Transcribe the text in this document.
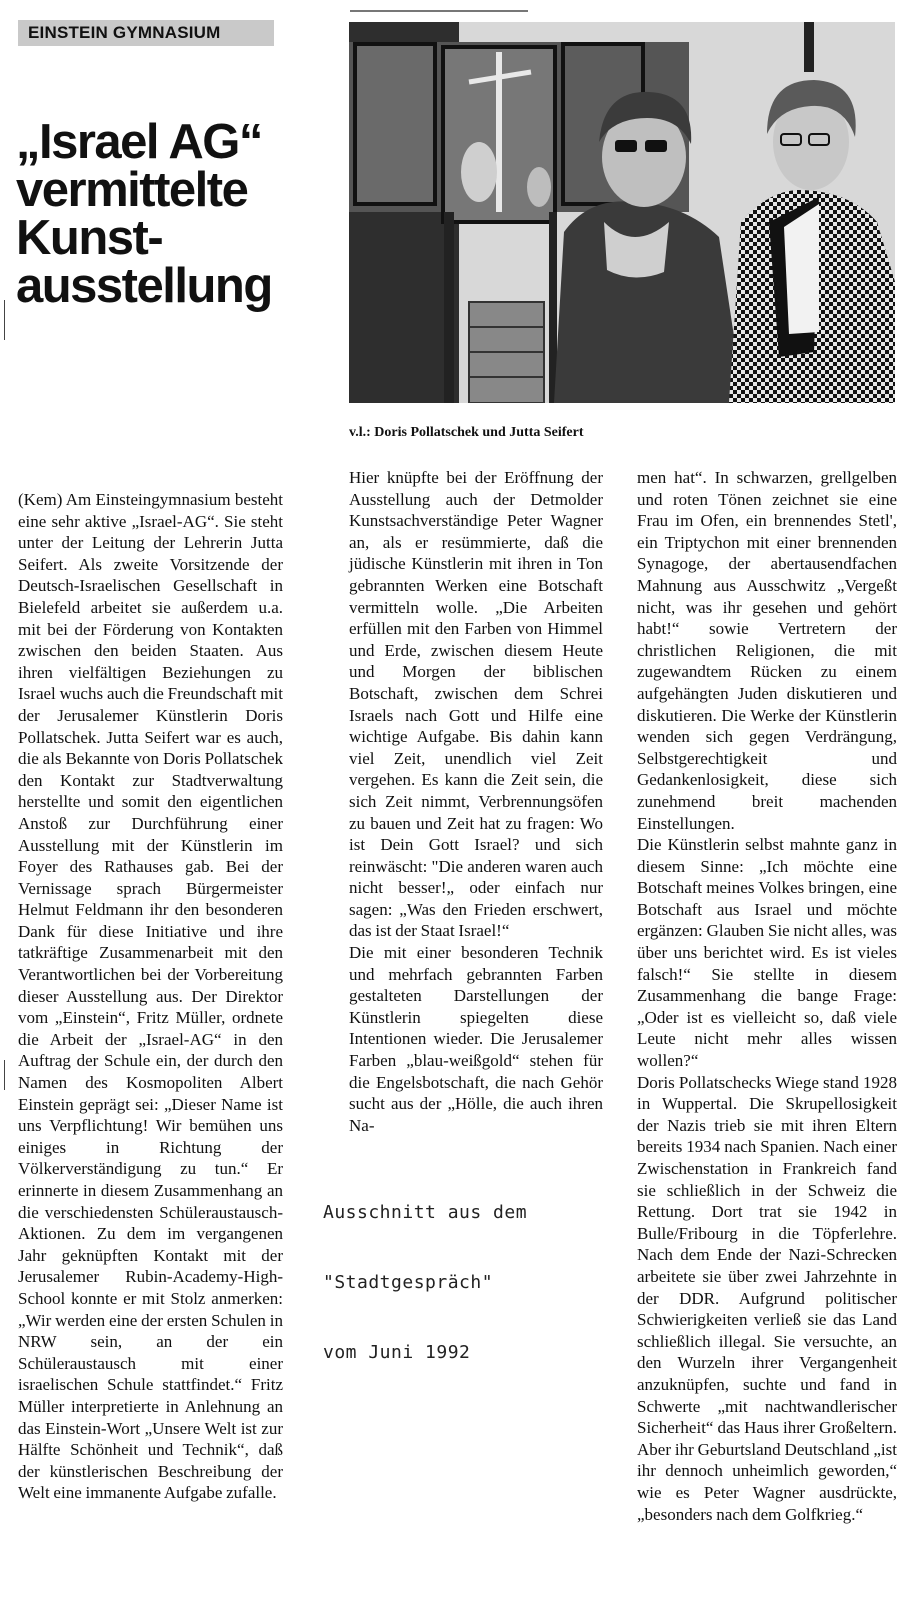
EINSTEIN GYMNASIUM
„Israel AG“
vermittelte
Kunst-
ausstellung
v.l.: Doris Pollatschek und Jutta Seifert
(Kem) Am Einsteingymnasium besteht eine sehr aktive „Israel-AG“. Sie steht unter der Leitung der Lehrerin Jutta Seifert. Als zweite Vorsitzende der Deutsch-Israelischen Gesellschaft in Bielefeld arbeitet sie außerdem u.a. mit bei der Förderung von Kontakten zwischen den beiden Staaten. Aus ihren vielfältigen Beziehungen zu Israel wuchs auch die Freundschaft mit der Jerusalemer Künstlerin Doris Pollatschek. Jutta Seifert war es auch, die als Bekannte von Doris Pollatschek den Kontakt zur Stadtverwaltung herstellte und somit den eigentlichen Anstoß zur Durchführung einer Ausstellung mit der Künstlerin im Foyer des Rathauses gab. Bei der Vernissage sprach Bürgermeister Helmut Feldmann ihr den besonderen Dank für diese Initiative und ihre tatkräftige Zusammenarbeit mit den Verantwortlichen bei der Vorbereitung dieser Ausstellung aus. Der Direktor vom „Einstein“, Fritz Müller, ordnete die Arbeit der „Israel-AG“ in den Auftrag der Schule ein, der durch den Namen des Kosmopoliten Albert Einstein geprägt sei: „Dieser Name ist uns Verpflichtung! Wir bemühen uns einiges in Richtung der Völkerverständigung zu tun.“ Er erinnerte in diesem Zusammenhang an die verschiedensten Schüleraustausch-Aktionen. Zu dem im vergangenen Jahr geknüpften Kontakt mit der Jerusalemer Rubin-Academy-High-School konnte er mit Stolz anmerken: „Wir werden eine der ersten Schulen in NRW sein, an der ein Schüleraustausch mit einer israelischen Schule stattfindet.“ Fritz Müller interpretierte in Anlehnung an das Einstein-Wort „Unsere Welt ist zur Hälfte Schönheit und Technik“, daß der künstlerischen Beschreibung der Welt eine immanente Aufgabe zufalle.
Hier knüpfte bei der Eröffnung der Ausstellung auch der Detmolder Kunstsachverständige Peter Wagner an, als er resümmierte, daß die jüdische Künstlerin mit ihren in Ton gebrannten Werken eine Botschaft vermitteln wolle. „Die Arbeiten erfüllen mit den Farben von Himmel und Erde, zwischen diesem Heute und Morgen der biblischen Botschaft, zwischen dem Schrei Israels nach Gott und Hilfe eine wichtige Aufgabe. Bis dahin kann viel Zeit, unendlich viel Zeit vergehen. Es kann die Zeit sein, die sich Zeit nimmt, Verbrennungsöfen zu bauen und Zeit hat zu fragen: Wo ist Dein Gott Israel? und sich reinwäscht: "Die anderen waren auch nicht besser!„ oder einfach nur sagen: „Was den Frieden erschwert, das ist der Staat Israel!“
Die mit einer besonderen Technik und mehrfach gebrannten Farben gestalteten Darstellungen der Künstlerin spiegelten diese Intentionen wieder. Die Jerusalemer Farben „blau-weißgold“ stehen für die Engelsbotschaft, die nach Gehör sucht aus der „Hölle, die auch ihren Na-
men hat“. In schwarzen, grellgelben und roten Tönen zeichnet sie eine Frau im Ofen, ein brennendes Stetl', ein Triptychon mit einer brennenden Synagoge, der abertausendfachen Mahnung aus Ausschwitz „Vergeßt nicht, was ihr gesehen und gehört habt!“ sowie Vertretern der christlichen Religionen, die mit zugewandtem Rücken zu einem aufgehängten Juden diskutieren und diskutieren. Die Werke der Künstlerin wenden sich gegen Verdrängung, Selbstgerechtigkeit und Gedankenlosigkeit, diese sich zunehmend breit machenden Einstellungen.
Die Künstlerin selbst mahnte ganz in diesem Sinne: „Ich möchte eine Botschaft meines Volkes bringen, eine Botschaft aus Israel und möchte ergänzen: Glauben Sie nicht alles, was über uns berichtet wird. Es ist vieles falsch!“ Sie stellte in diesem Zusammenhang die bange Frage: „Oder ist es vielleicht so, daß viele Leute nicht mehr alles wissen wollen?“
Doris Pollatschecks Wiege stand 1928 in Wuppertal. Die Skrupellosigkeit der Nazis trieb sie mit ihren Eltern bereits 1934 nach Spanien. Nach einer Zwischenstation in Frankreich fand sie schließlich in der Schweiz die Rettung. Dort trat sie 1942 in Bulle/Fribourg in die Töpferlehre. Nach dem Ende der Nazi-Schrecken arbeitete sie über zwei Jahrzehnte in der DDR. Aufgrund politischer Schwierigkeiten verließ sie das Land schließlich illegal. Sie versuchte, an den Wurzeln ihrer Vergangenheit anzuknüpfen, suchte und fand in Schwerte „mit nachtwandlerischer Sicherheit“ das Haus ihrer Großeltern. Aber ihr Geburtsland Deutschland „ist ihr dennoch unheimlich geworden,“ wie es Peter Wagner ausdrückte, „besonders nach dem Golfkrieg.“
Ausschnitt aus dem
"Stadtgespräch"
vom Juni 1992
